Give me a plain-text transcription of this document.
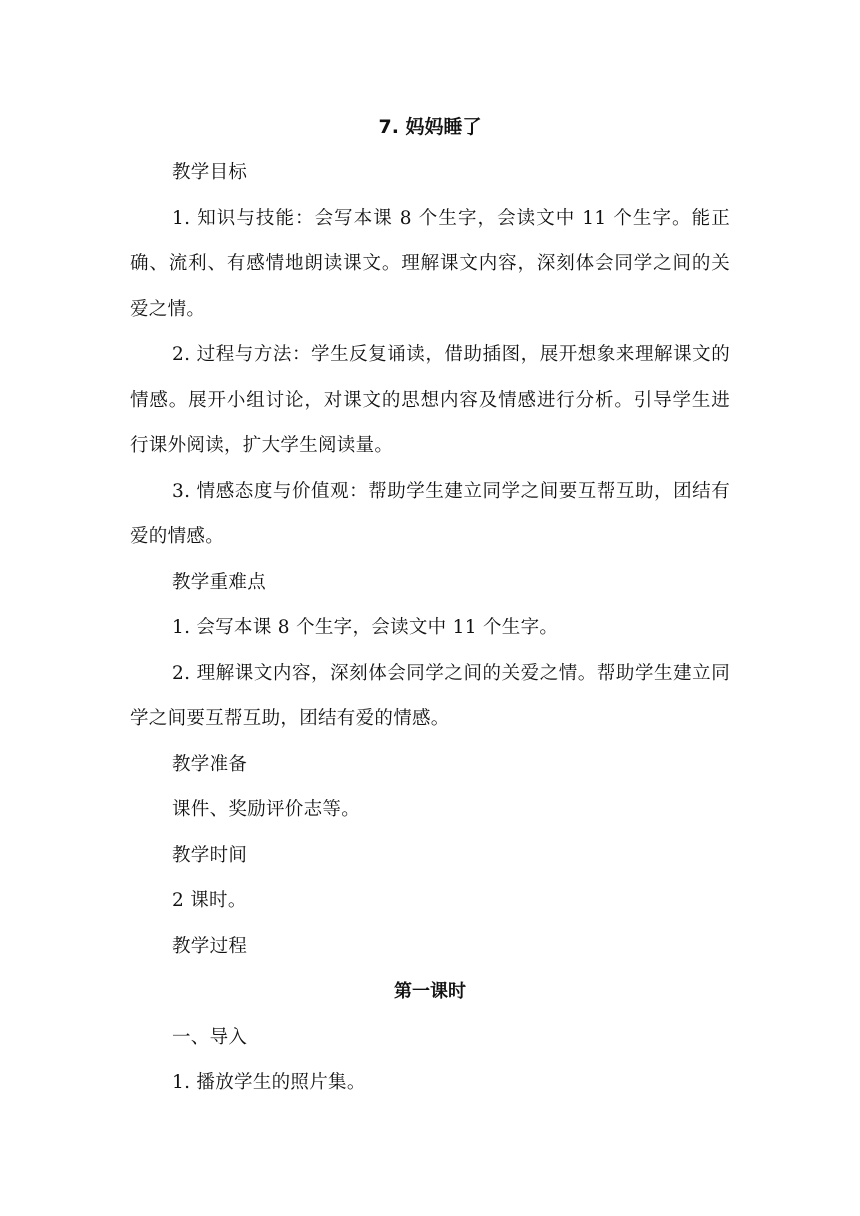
7. 妈妈睡了

教学目标

1. 知识与技能：会写本课 8 个生字，会读文中 11 个生字。能正确、流利、有感情地朗读课文。理解课文内容，深刻体会同学之间的关爱之情。

2. 过程与方法：学生反复诵读，借助插图，展开想象来理解课文的情感。展开小组讨论，对课文的思想内容及情感进行分析。引导学生进行课外阅读，扩大学生阅读量。

3. 情感态度与价值观：帮助学生建立同学之间要互帮互助，团结有爱的情感。

教学重难点

1. 会写本课 8 个生字，会读文中 11 个生字。

2. 理解课文内容，深刻体会同学之间的关爱之情。帮助学生建立同学之间要互帮互助，团结有爱的情感。

教学准备

课件、奖励评价志等。

教学时间

2 课时。

教学过程

第一课时

一、导入

1. 播放学生的照片集。
